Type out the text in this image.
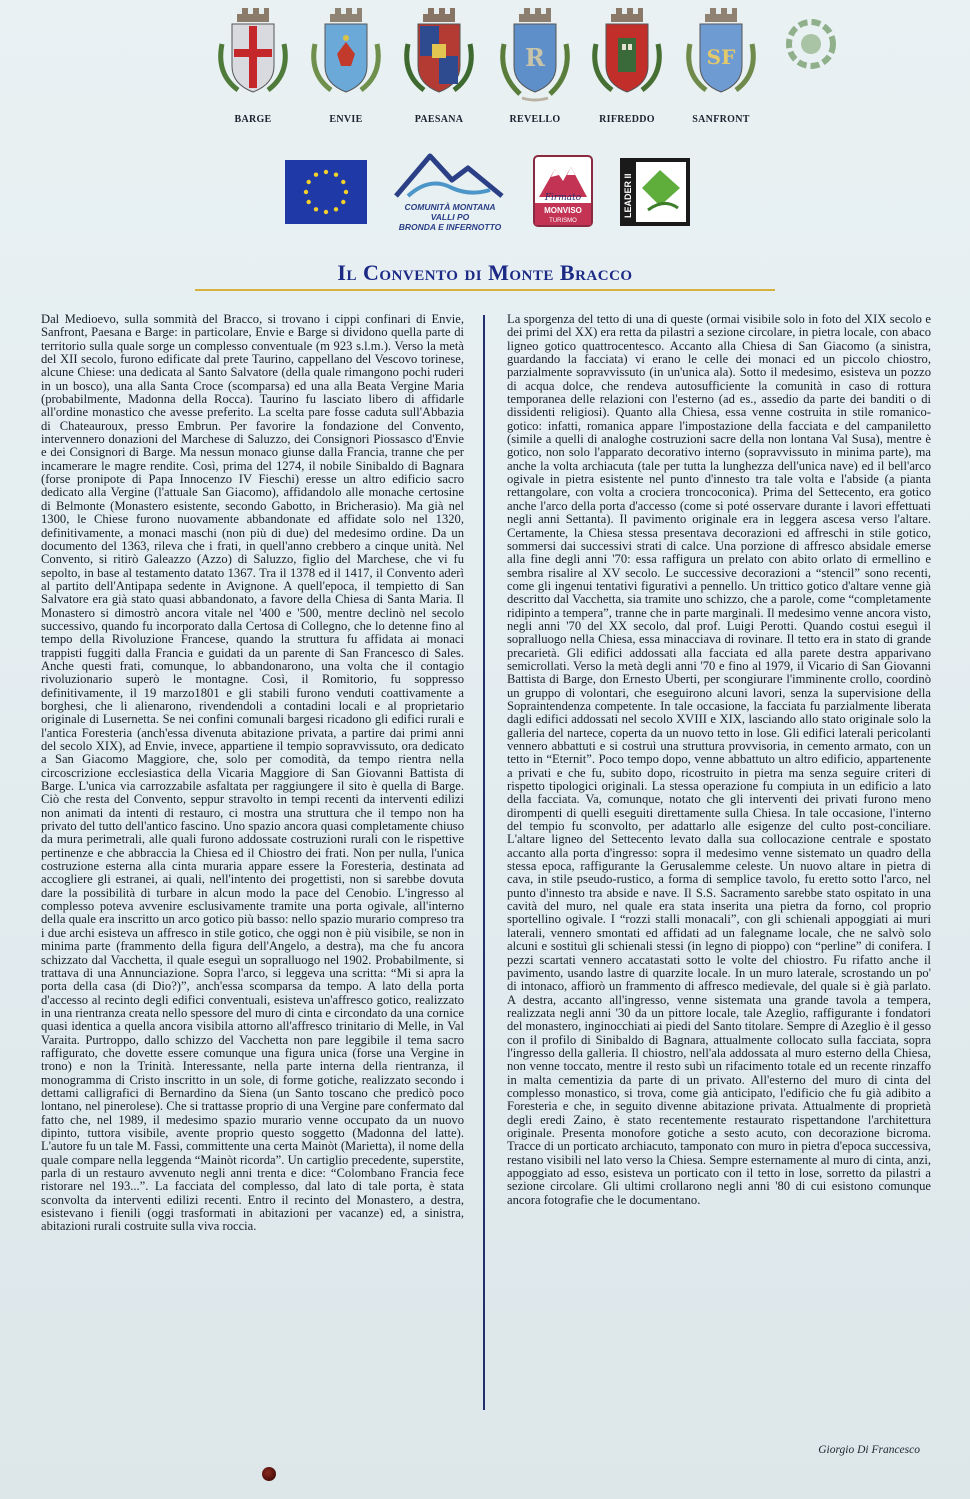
BARGE	ENVIE	PAESANA
R
REVELLO	RIFREDDO
SF
SANFRONT
COMUNITÀ MONTANA
VALLI PO
BRONDA E INFERNOTTO
Firmato
MONVISO
TURISMO
LEADER II
Il Convento di Monte Bracco

Dal Medioevo, sulla sommità del Bracco, si trovano i cippi confinari di Envie, Sanfront, Paesana e Barge: in particolare, Envie e Barge si dividono quella parte di territorio sulla quale sorge un complesso conventuale (m 923 s.l.m.). Verso la metà del XII secolo, furono edificate dal prete Taurino, cappellano del Vescovo torinese, alcune Chiese: una dedicata al Santo Salvatore (della quale rimangono pochi ruderi in un bosco), una alla Santa Croce (scomparsa) ed una alla Beata Vergine Maria (probabilmente, Madonna della Rocca). Taurino fu lasciato libero di affidarle all'ordine monastico che avesse preferito. La scelta pare fosse caduta sull'Abbazia di Chateauroux, presso Embrun. Per favorire la fondazione del Convento, intervennero donazioni del Marchese di Saluzzo, dei Consignori Piossasco d'Envie e dei Consignori di Barge. Ma nessun monaco giunse dalla Francia, tranne che per incamerare le magre rendite. Così, prima del 1274, il nobile Sinibaldo di Bagnara (forse pronipote di Papa Innocenzo IV Fieschi) eresse un altro edificio sacro dedicato alla Vergine (l'attuale San Giacomo), affidandolo alle monache certosine di Belmonte (Monastero esistente, secondo Gabotto, in Bricherasio). Ma già nel 1300, le Chiese furono nuovamente abbandonate ed affidate solo nel 1320, definitivamente, a monaci maschi (non più di due) del medesimo ordine. Da un documento del 1363, rileva che i frati, in quell'anno crebbero a cinque unità. Nel Convento, si ritirò Galeazzo (Azzo) di Saluzzo, figlio del Marchese, che vi fu sepolto, in base al testamento datato 1367. Tra il 1378 ed il 1417, il Convento aderì al partito dell'Antipapa sedente in Avignone. A quell'epoca, il tempietto di San Salvatore era già stato quasi abbandonato, a favore della Chiesa di Santa Maria. Il Monastero si dimostrò ancora vitale nel '400 e '500, mentre declinò nel secolo successivo, quando fu incorporato dalla Certosa di Collegno, che lo detenne fino al tempo della Rivoluzione Francese, quando la struttura fu affidata ai monaci trappisti fuggiti dalla Francia e guidati da un parente di San Francesco di Sales. Anche questi frati, comunque, lo abbandonarono, una volta che il contagio rivoluzionario superò le montagne. Così, il Romitorio, fu soppresso definitivamente, il 19 marzo1801 e gli stabili furono venduti coattivamente a borghesi, che li alienarono, rivendendoli a contadini locali e al proprietario originale di Lusernetta. Se nei confini comunali bargesi ricadono gli edifici rurali e l'antica Foresteria (anch'essa divenuta abitazione privata, a partire dai primi anni del secolo XIX), ad Envie, invece, appartiene il tempio sopravvissuto, ora dedicato a San Giacomo Maggiore, che, solo per comodità, da tempo rientra nella circoscrizione ecclesiastica della Vicaria Maggiore di San Giovanni Battista di Barge. L'unica via carrozzabile asfaltata per raggiungere il sito è quella di Barge. Ciò che resta del Convento, seppur stravolto in tempi recenti da interventi edilizi non animati da intenti di restauro, ci mostra una struttura che il tempo non ha privato del tutto dell'antico fascino. Uno spazio ancora quasi completamente chiuso da mura perimetrali, alle quali furono addossate costruzioni rurali con le rispettive pertinenze e che abbraccia la Chiesa ed il Chiostro dei frati. Non per nulla, l'unica costruzione esterna alla cinta muraria appare essere la Foresteria, destinata ad accogliere gli estranei, ai quali, nell'intento dei progettisti, non si sarebbe dovuta dare la possibilità di turbare in alcun modo la pace del Cenobio. L'ingresso al complesso poteva avvenire esclusivamente tramite una porta ogivale, all'interno della quale era inscritto un arco gotico più basso: nello spazio murario compreso tra i due archi esisteva un affresco in stile gotico, che oggi non è più visibile, se non in minima parte (frammento della figura dell'Angelo, a destra), ma che fu ancora schizzato dal Vacchetta, il quale eseguì un sopralluogo nel 1902. Probabilmente, si trattava di una Annunciazione. Sopra l'arco, si leggeva una scritta: “Mi si apra la porta della casa (di Dio?)”, anch'essa scomparsa da tempo. A lato della porta d'accesso al recinto degli edifici conventuali, esisteva un'affresco gotico, realizzato in una rientranza creata nello spessore del muro di cinta e circondato da una cornice quasi identica a quella ancora visibila attorno all'affresco trinitario di Melle, in Val Varaita. Purtroppo, dallo schizzo del Vacchetta non pare leggibile il tema sacro raffigurato, che dovette essere comunque una figura unica (forse una Vergine in trono) e non la Trinità. Interessante, nella parte interna della rientranza, il monogramma di Cristo inscritto in un sole, di forme gotiche, realizzato secondo i dettami calligrafici di Bernardino da Siena (un Santo toscano che predicò poco lontano, nel pinerolese). Che si trattasse proprio di una Vergine pare confermato dal fatto che, nel 1989, il medesimo spazio murario venne occupato da un nuovo dipinto, tuttora visibile, avente proprio questo soggetto (Madonna del latte). L'autore fu un tale M. Fassi, committente una certa Mainòt (Marietta), il nome della quale compare nella leggenda “Mainòt ricorda”. Un cartiglio precedente, superstite, parla di un restauro avvenuto negli anni trenta e dice: “Colombano Francia fece ristorare nel 193...”. La facciata del complesso, dal lato di tale porta, è stata sconvolta da interventi edilizi recenti. Entro il recinto del Monastero, a destra, esistevano i fienili (oggi trasformati in abitazioni per vacanze) ed, a sinistra, abitazioni rurali costruite sulla viva roccia.

La sporgenza del tetto di una di queste (ormai visibile solo in foto del XIX secolo e dei primi del XX) era retta da pilastri a sezione circolare, in pietra locale, con abaco ligneo gotico quattrocentesco. Accanto alla Chiesa di San Giacomo (a sinistra, guardando la facciata) vi erano le celle dei monaci ed un piccolo chiostro, parzialmente sopravvissuto (in un'unica ala). Sotto il medesimo, esisteva un pozzo di acqua dolce, che rendeva autosufficiente la comunità in caso di rottura temporanea delle relazioni con l'esterno (ad es., assedio da parte dei banditi o di dissidenti religiosi). Quanto alla Chiesa, essa venne costruita in stile romanico-gotico: infatti, romanica appare l'impostazione della facciata e del campaniletto (simile a quelli di analoghe costruzioni sacre della non lontana Val Susa), mentre è gotico, non solo l'apparato decorativo interno (sopravvissuto in minima parte), ma anche la volta archiacuta (tale per tutta la lunghezza dell'unica nave) ed il bell'arco ogivale in pietra esistente nel punto d'innesto tra tale volta e l'abside (a pianta rettangolare, con volta a crociera troncoconica). Prima del Settecento, era gotico anche l'arco della porta d'accesso (come si poté osservare durante i lavori effettuati negli anni Settanta). Il pavimento originale era in leggera ascesa verso l'altare. Certamente, la Chiesa stessa presentava decorazioni ed affreschi in stile gotico, sommersi dai successivi strati di calce. Una porzione di affresco absidale emerse alla fine degli anni '70: essa raffigura un prelato con abito orlato di ermellino e sembra risalire al XV secolo. Le successive decorazioni a “stencil” sono recenti, come gli ingenui tentativi figurativi a pennello. Un trittico gotico d'altare venne già descritto dal Vacchetta, sia tramite uno schizzo, che a parole, come “completamente ridipinto a tempera”, tranne che in parte marginali. Il medesimo venne ancora visto, negli anni '70 del XX secolo, dal prof. Luigi Perotti. Quando costui eseguì il sopralluogo nella Chiesa, essa minacciava di rovinare. Il tetto era in stato di grande precarietà. Gli edifici addossati alla facciata ed alla parete destra apparivano semicrollati. Verso la metà degli anni '70 e fino al 1979, il Vicario di San Giovanni Battista di Barge, don Ernesto Uberti, per scongiurare l'imminente crollo, coordinò un gruppo di volontari, che eseguirono alcuni lavori, senza la supervisione della Sopraintendenza competente. In tale occasione, la facciata fu parzialmente liberata dagli edifici addossati nel secolo XVIII e XIX, lasciando allo stato originale solo la galleria del nartece, coperta da un nuovo tetto in lose. Gli edifici laterali pericolanti vennero abbattuti e si costruì una struttura provvisoria, in cemento armato, con un tetto in “Eternit”. Poco tempo dopo, venne abbattuto un altro edificio, appartenente a privati e che fu, subito dopo, ricostruito in pietra ma senza seguire criteri di rispetto tipologici originali. La stessa operazione fu compiuta in un edificio a lato della facciata. Va, comunque, notato che gli interventi dei privati furono meno dirompenti di quelli eseguiti direttamente sulla Chiesa. In tale occasione, l'interno del tempio fu sconvolto, per adattarlo alle esigenze del culto post-conciliare. L'altare ligneo del Settecento levato dalla sua collocazione centrale e spostato accanto alla porta d'ingresso: sopra il medesimo venne sistemato un quadro della stessa epoca, raffigurante la Gerusalemme celeste. Un nuovo altare in pietra di cava, in stile pseudo-rustico, a forma di semplice tavolo, fu eretto sotto l'arco, nel punto d'innesto tra abside e nave. Il S.S. Sacramento sarebbe stato ospitato in una cavità del muro, nel quale era stata inserita una pietra da forno, col proprio sportellino ogivale. I “rozzi stalli monacali”, con gli schienali appoggiati ai muri laterali, vennero smontati ed affidati ad un falegname locale, che ne salvò solo alcuni e sostituì gli schienali stessi (in legno di pioppo) con “perline” di conifera. I pezzi scartati vennero accatastati sotto le volte del chiostro. Fu rifatto anche il pavimento, usando lastre di quarzite locale. In un muro laterale, scrostando un po' di intonaco, affiorò un frammento di affresco medievale, del quale si è già parlato. A destra, accanto all'ingresso, venne sistemata una grande tavola a tempera, realizzata negli anni '30 da un pittore locale, tale Azeglio, raffigurante i fondatori del monastero, inginocchiati ai piedi del Santo titolare. Sempre di Azeglio è il gesso con il profilo di Sinibaldo di Bagnara, attualmente collocato sulla facciata, sopra l'ingresso della galleria. Il chiostro, nell'ala addossata al muro esterno della Chiesa, non venne toccato, mentre il resto subì un rifacimento totale ed un recente rinzaffo in malta cementizia da parte di un privato. All'esterno del muro di cinta del complesso monastico, si trova, come già anticipato, l'edificio che fu già adibito a Foresteria e che, in seguito divenne abitazione privata. Attualmente di proprietà degli eredi Zaino, è stato recentemente restaurato rispettandone l'architettura originale. Presenta monofore gotiche a sesto acuto, con decorazione bicroma. Tracce di un porticato archiacuto, tamponato con muro in pietra d'epoca successiva, restano visibili nel lato verso la Chiesa. Sempre esternamente al muro di cinta, anzi, appoggiato ad esso, esisteva un porticato con il tetto in lose, sorretto da pilastri a sezione circolare. Gli ultimi crollarono negli anni '80 di cui esistono comunque ancora fotografie che le documentano.

Giorgio Di Francesco
